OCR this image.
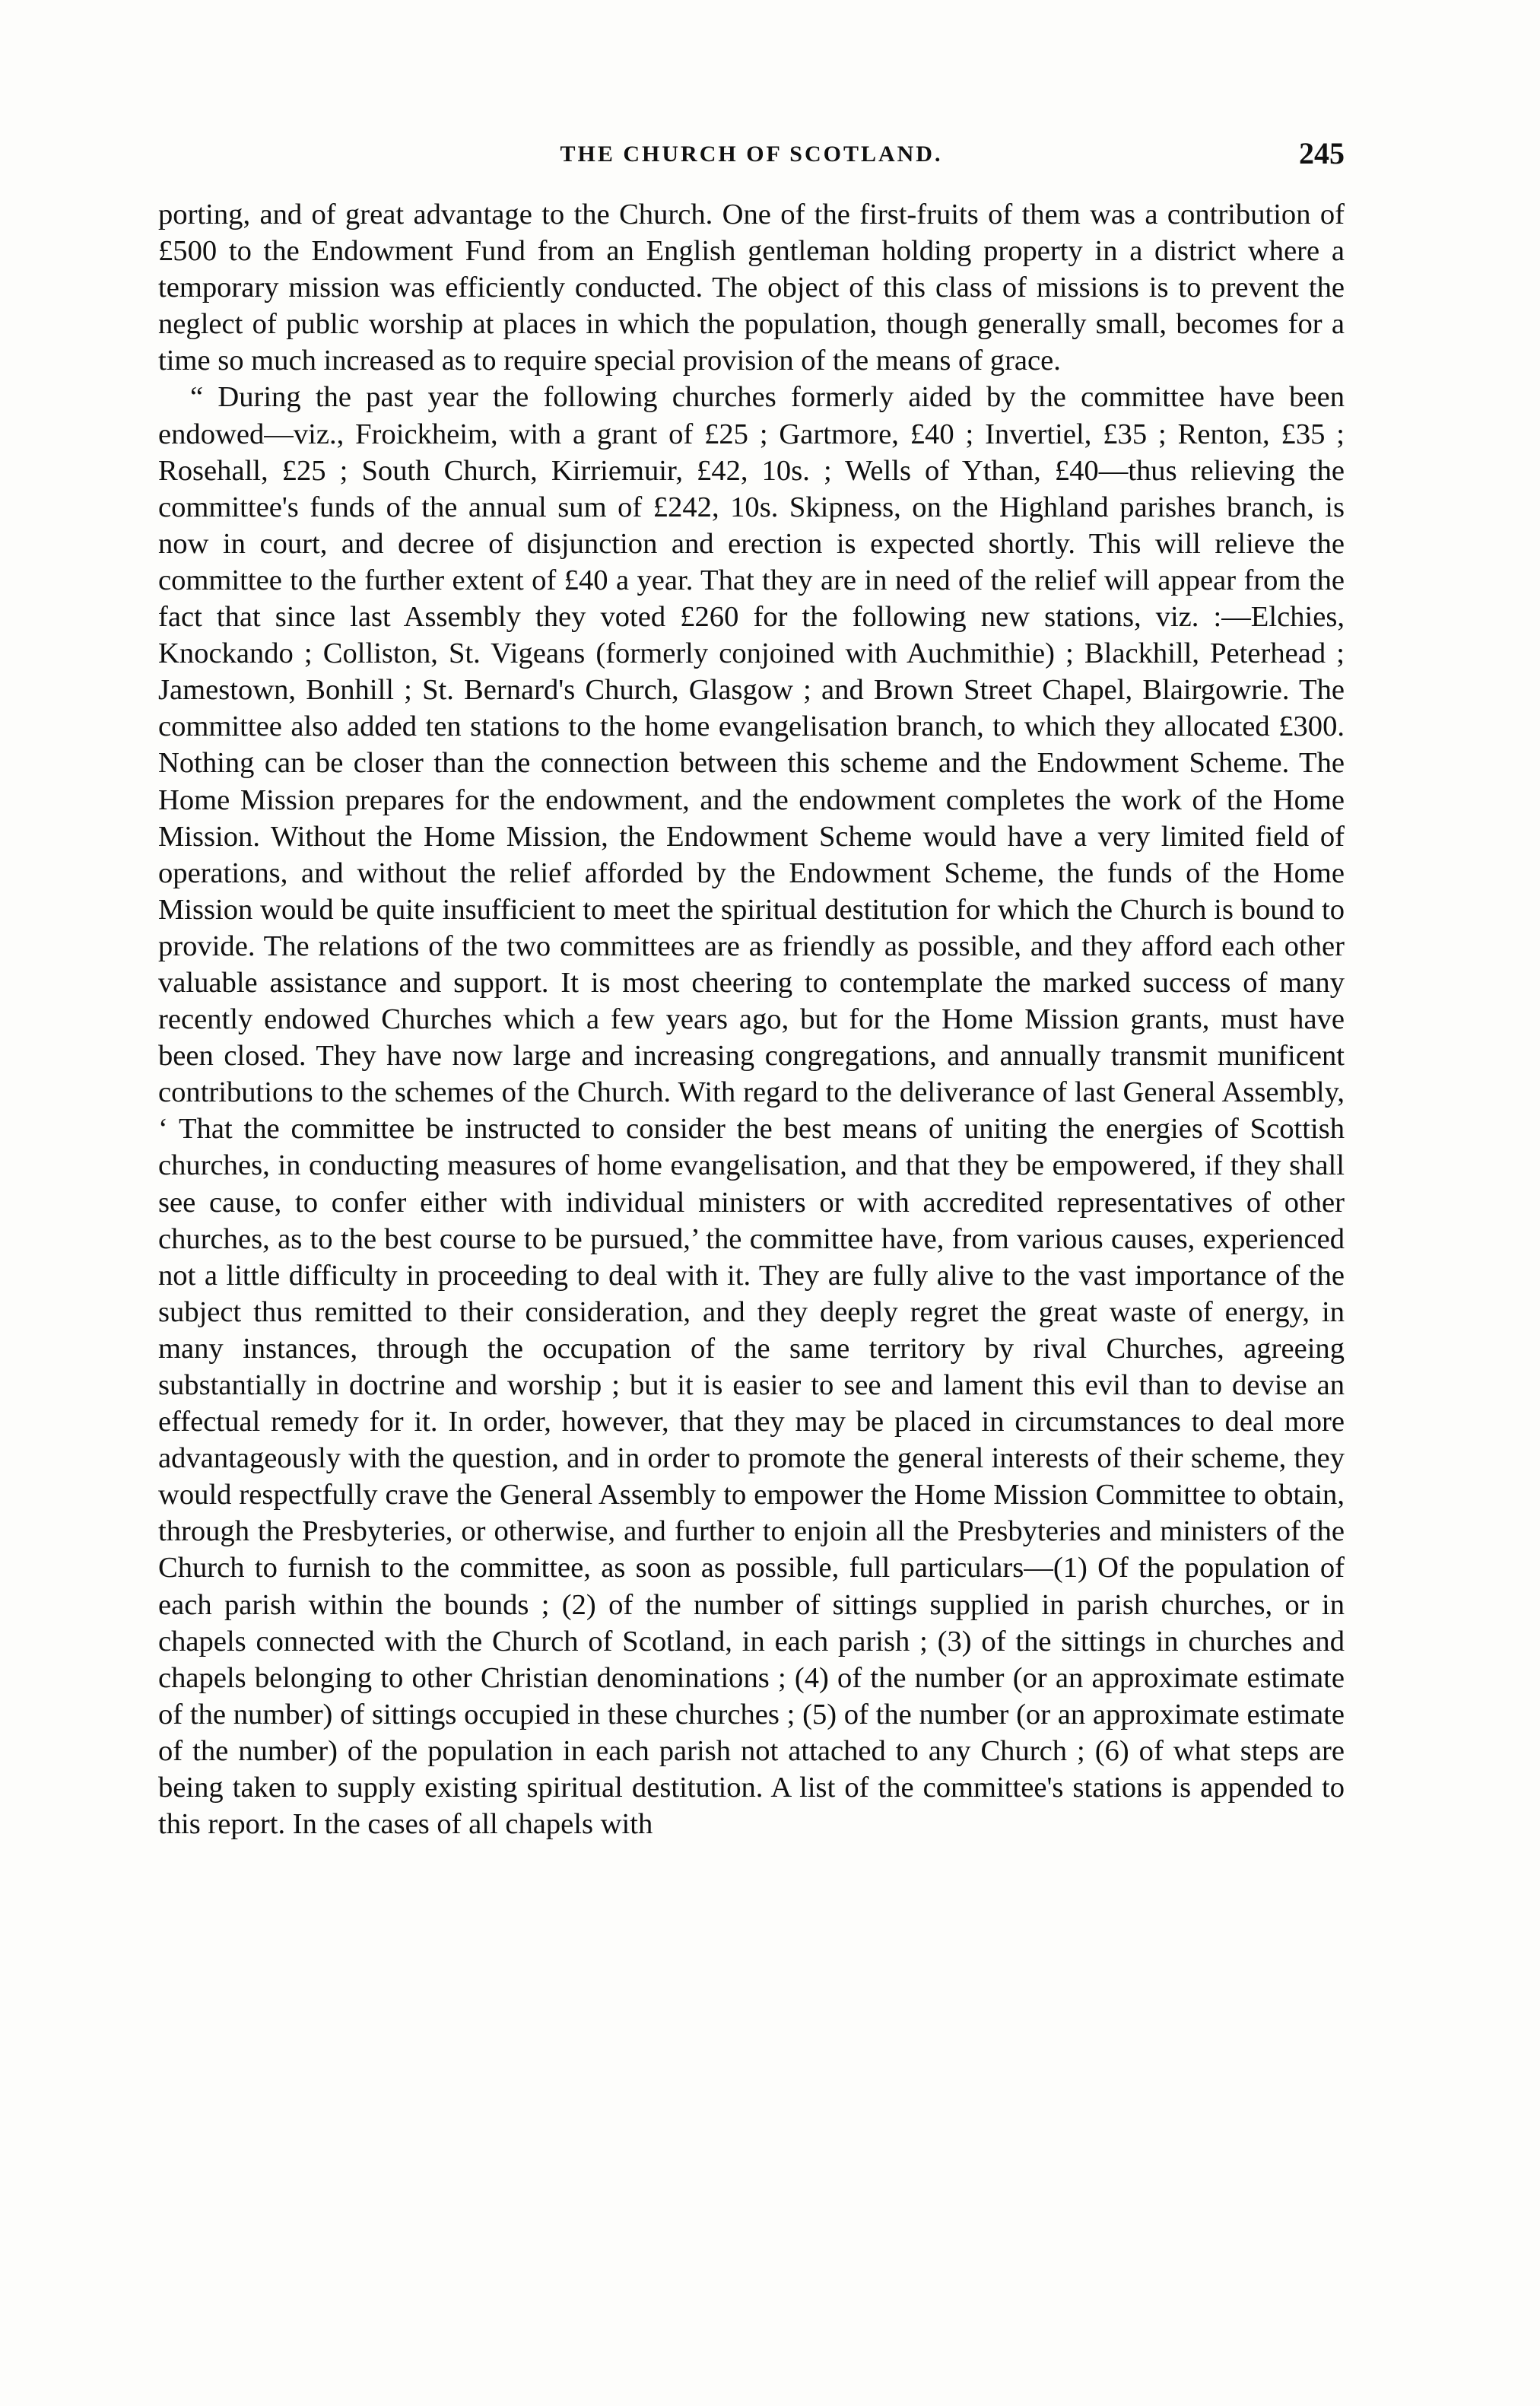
THE CHURCH OF SCOTLAND.	245

porting, and of great advantage to the Church. One of the first-fruits of them was a contribution of £500 to the Endowment Fund from an English gentleman holding property in a district where a temporary mission was efficiently conducted. The object of this class of missions is to prevent the neglect of public worship at places in which the population, though generally small, becomes for a time so much increased as to require special provision of the means of grace.

“ During the past year the following churches formerly aided by the committee have been endowed—viz., Froickheim, with a grant of £25 ; Gartmore, £40 ; Invertiel, £35 ; Renton, £35 ; Rosehall, £25 ; South Church, Kirriemuir, £42, 10s. ; Wells of Ythan, £40—thus relieving the committee's funds of the annual sum of £242, 10s. Skipness, on the Highland parishes branch, is now in court, and decree of disjunction and erection is expected shortly. This will relieve the committee to the further extent of £40 a year. That they are in need of the relief will appear from the fact that since last Assembly they voted £260 for the following new stations, viz. :—Elchies, Knockando ; Colliston, St. Vigeans (formerly conjoined with Auchmithie) ; Blackhill, Peterhead ; Jamestown, Bonhill ; St. Bernard's Church, Glasgow ; and Brown Street Chapel, Blairgowrie. The committee also added ten stations to the home evangelisation branch, to which they allocated £300. Nothing can be closer than the connection between this scheme and the Endowment Scheme. The Home Mission prepares for the endowment, and the endowment completes the work of the Home Mission. Without the Home Mission, the Endowment Scheme would have a very limited field of operations, and without the relief afforded by the Endowment Scheme, the funds of the Home Mission would be quite insufficient to meet the spiritual destitution for which the Church is bound to provide. The relations of the two committees are as friendly as possible, and they afford each other valuable assistance and support. It is most cheering to contemplate the marked success of many recently endowed Churches which a few years ago, but for the Home Mission grants, must have been closed. They have now large and increasing congregations, and annually transmit munificent contributions to the schemes of the Church. With regard to the deliverance of last General Assembly, ‘ That the committee be instructed to consider the best means of uniting the energies of Scottish churches, in conducting measures of home evangelisation, and that they be empowered, if they shall see cause, to confer either with individual ministers or with accredited representatives of other churches, as to the best course to be pursued,’ the committee have, from various causes, experienced not a little difficulty in proceeding to deal with it. They are fully alive to the vast importance of the subject thus remitted to their consideration, and they deeply regret the great waste of energy, in many instances, through the occupation of the same territory by rival Churches, agreeing substantially in doctrine and worship ; but it is easier to see and lament this evil than to devise an effectual remedy for it. In order, however, that they may be placed in circumstances to deal more advantageously with the question, and in order to promote the general interests of their scheme, they would respectfully crave the General Assembly to empower the Home Mission Committee to obtain, through the Presbyteries, or otherwise, and further to enjoin all the Presbyteries and ministers of the Church to furnish to the committee, as soon as possible, full particulars—(1) Of the population of each parish within the bounds ; (2) of the number of sittings supplied in parish churches, or in chapels connected with the Church of Scotland, in each parish ; (3) of the sittings in churches and chapels belonging to other Christian denominations ; (4) of the number (or an approximate estimate of the number) of sittings occupied in these churches ; (5) of the number (or an approximate estimate of the number) of the population in each parish not attached to any Church ; (6) of what steps are being taken to supply existing spiritual destitution. A list of the committee's stations is appended to this report. In the cases of all chapels with
